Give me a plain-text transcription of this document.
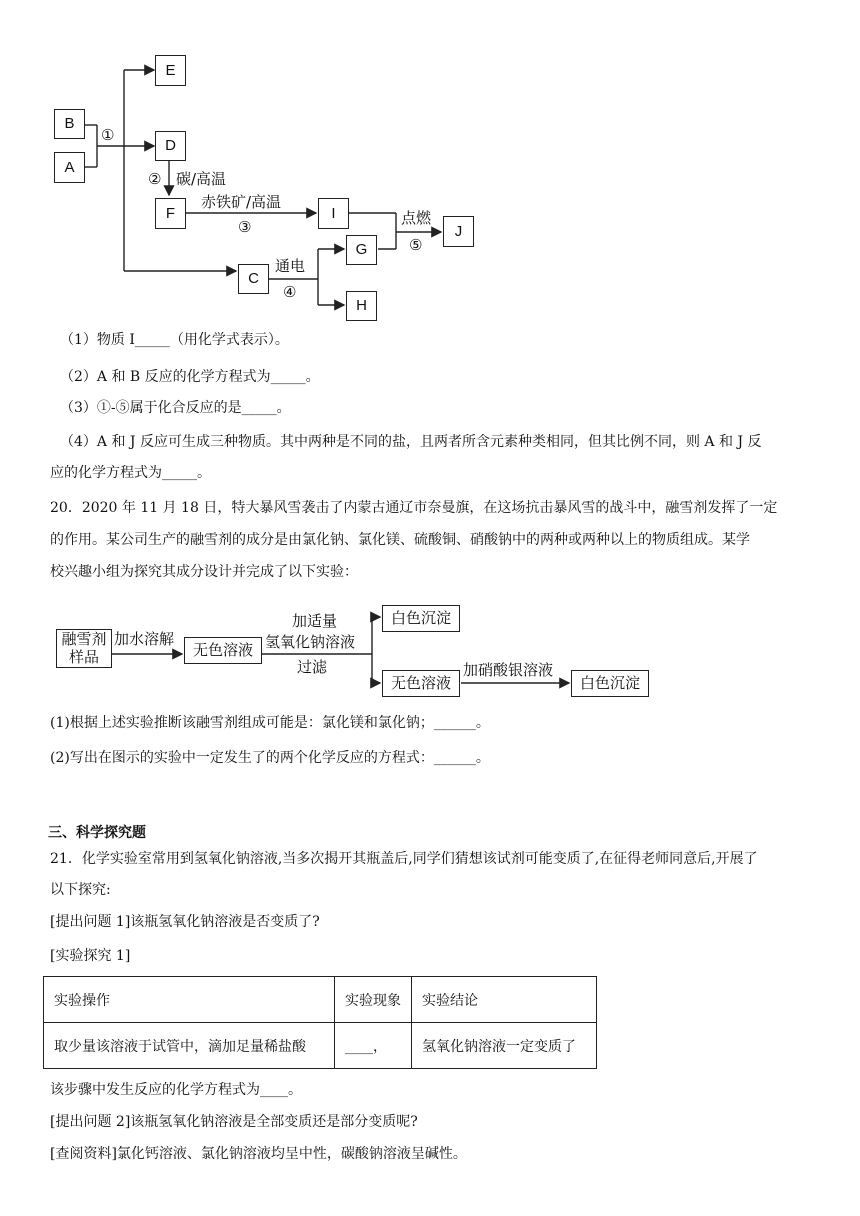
①
② 碳/高温
赤铁矿/高温
③
通电
④
点燃
⑤
B
A
E
D
F	I
J
G
C
H
（1）物质 I_____（用化学式表示）。
（2）A 和 B 反应的化学方程式为_____。
（3）①-⑤属于化合反应的是_____。
（4）A 和 J 反应可生成三种物质。其中两种是不同的盐，且两者所含元素种类相同，但其比例不同，则 A 和 J 反
应的化学方程式为_____。
20．2020 年 11 月 18 日，特大暴风雪袭击了内蒙古通辽市奈曼旗，在这场抗击暴风雪的战斗中，融雪剂发挥了一定
的作用。某公司生产的融雪剂的成分是由氯化钠、氯化镁、硫酸铜、硝酸钠中的两种或两种以上的物质组成。某学
校兴趣小组为探究其成分设计并完成了以下实验：
融雪剂
样品
加水溶解
无色溶液
加适量
氢氧化钠溶液
过滤
白色沉淀
无色溶液
加硝酸银溶液
白色沉淀
(1)根据上述实验推断该融雪剂组成可能是：氯化镁和氯化钠；______。
(2)写出在图示的实验中一定发生了的两个化学反应的方程式：______。
三、科学探究题
21．化学实验室常用到氢氧化钠溶液,当多次揭开其瓶盖后,同学们猜想该试剂可能变质了,在征得老师同意后,开展了
以下探究:
[提出问题 1]该瓶氢氧化钠溶液是否变质了?
[实验探究 1]
实验操作	实验现象	实验结论
取少量该溶液于试管中，滴加足量稀盐酸	____，	氢氧化钠溶液一定变质了
该步骤中发生反应的化学方程式为____。
[提出问题 2]该瓶氢氧化钠溶液是全部变质还是部分变质呢?
[查阅资料]氯化钙溶液、氯化钠溶液均呈中性，碳酸钠溶液呈碱性。
